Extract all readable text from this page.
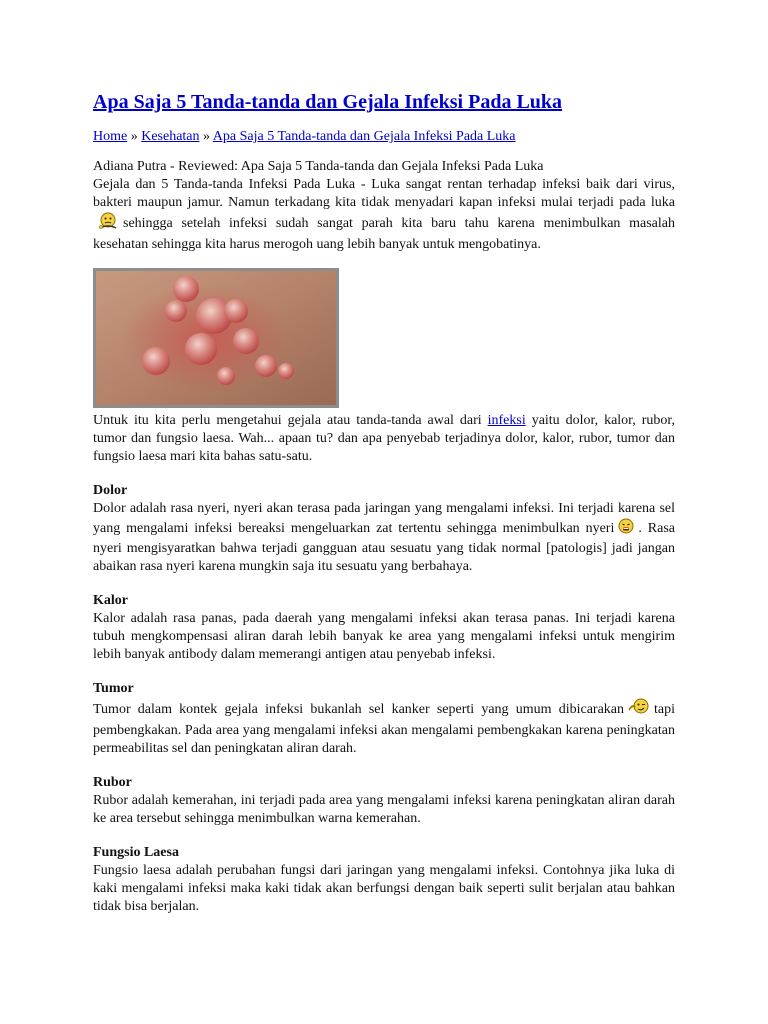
Apa Saja 5 Tanda-tanda dan Gejala Infeksi Pada Luka
Home » Kesehatan » Apa Saja 5 Tanda-tanda dan Gejala Infeksi Pada Luka

Adiana Putra - Reviewed: Apa Saja 5 Tanda-tanda dan Gejala Infeksi Pada Luka

Gejala dan 5 Tanda-tanda Infeksi Pada Luka - Luka sangat rentan terhadap infeksi baik dari virus, bakteri maupun jamur. Namun terkadang kita tidak menyadari kapan infeksi mulai terjadi pada lukasehingga setelah infeksi sudah sangat parah kita baru tahu karena menimbulkan masalah kesehatan sehingga kita harus merogoh uang lebih banyak untuk mengobatinya.

Untuk itu kita perlu mengetahui gejala atau tanda-tanda awal dari infeksi yaitu dolor, kalor, rubor, tumor dan fungsio laesa. Wah... apaan tu? dan apa penyebab terjadinya dolor, kalor, rubor, tumor dan fungsio laesa mari kita bahas satu-satu.

Dolor

Dolor adalah rasa nyeri, nyeri akan terasa pada jaringan yang mengalami infeksi. Ini terjadi karena sel yang mengalami infeksi bereaksi mengeluarkan zat tertentu sehingga menimbulkan nyeri . Rasa nyeri mengisyaratkan bahwa terjadi gangguan atau sesuatu yang tidak normal [patologis] jadi jangan abaikan rasa nyeri karena mungkin saja itu sesuatu yang berbahaya.

Kalor

Kalor adalah rasa panas, pada daerah yang mengalami infeksi akan terasa panas. Ini terjadi karena tubuh mengkompensasi aliran darah lebih banyak ke area yang mengalami infeksi untuk mengirim lebih banyak antibody dalam memerangi antigen atau penyebab infeksi.

Tumor

Tumor dalam kontek gejala infeksi bukanlah sel kanker seperti yang umum dibicarakan tapi pembengkakan. Pada area yang mengalami infeksi akan mengalami pembengkakan karena peningkatan permeabilitas sel dan peningkatan aliran darah.

Rubor

Rubor adalah kemerahan, ini terjadi pada area yang mengalami infeksi karena peningkatan aliran darah ke area tersebut sehingga menimbulkan warna kemerahan.

Fungsio Laesa

Fungsio laesa adalah perubahan fungsi dari jaringan yang mengalami infeksi. Contohnya jika luka di kaki mengalami infeksi maka kaki tidak akan berfungsi dengan baik seperti sulit berjalan atau bahkan tidak bisa berjalan.
